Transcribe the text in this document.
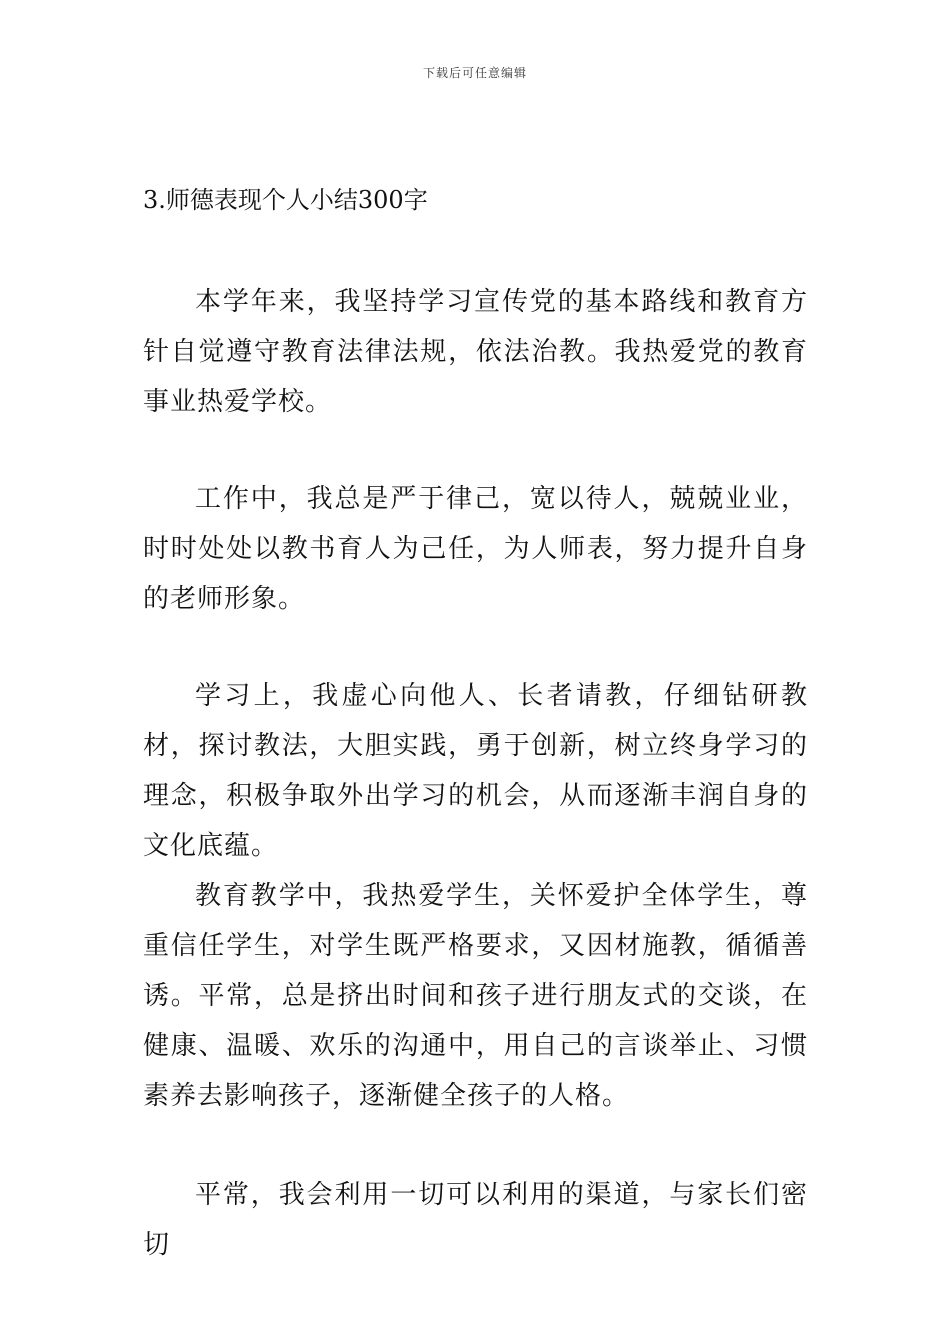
下载后可任意编辑
3.师德表现个人小结300字

本学年来，我坚持学习宣传党的基本路线和教育方针自觉遵守教育法律法规，依法治教。我热爱党的教育事业热爱学校。

工作中，我总是严于律己，宽以待人，兢兢业业，时时处处以教书育人为己任，为人师表，努力提升自身的老师形象。

学习上，我虚心向他人、长者请教，仔细钻研教材，探讨教法，大胆实践，勇于创新，树立终身学习的理念，积极争取外出学习的机会，从而逐渐丰润自身的文化底蕴。

教育教学中，我热爱学生，关怀爱护全体学生，尊重信任学生，对学生既严格要求，又因材施教，循循善诱。平常，总是挤出时间和孩子进行朋友式的交谈，在健康、温暖、欢乐的沟通中，用自己的言谈举止、习惯素养去影响孩子，逐渐健全孩子的人格。

平常，我会利用一切可以利用的渠道，与家长们密切
